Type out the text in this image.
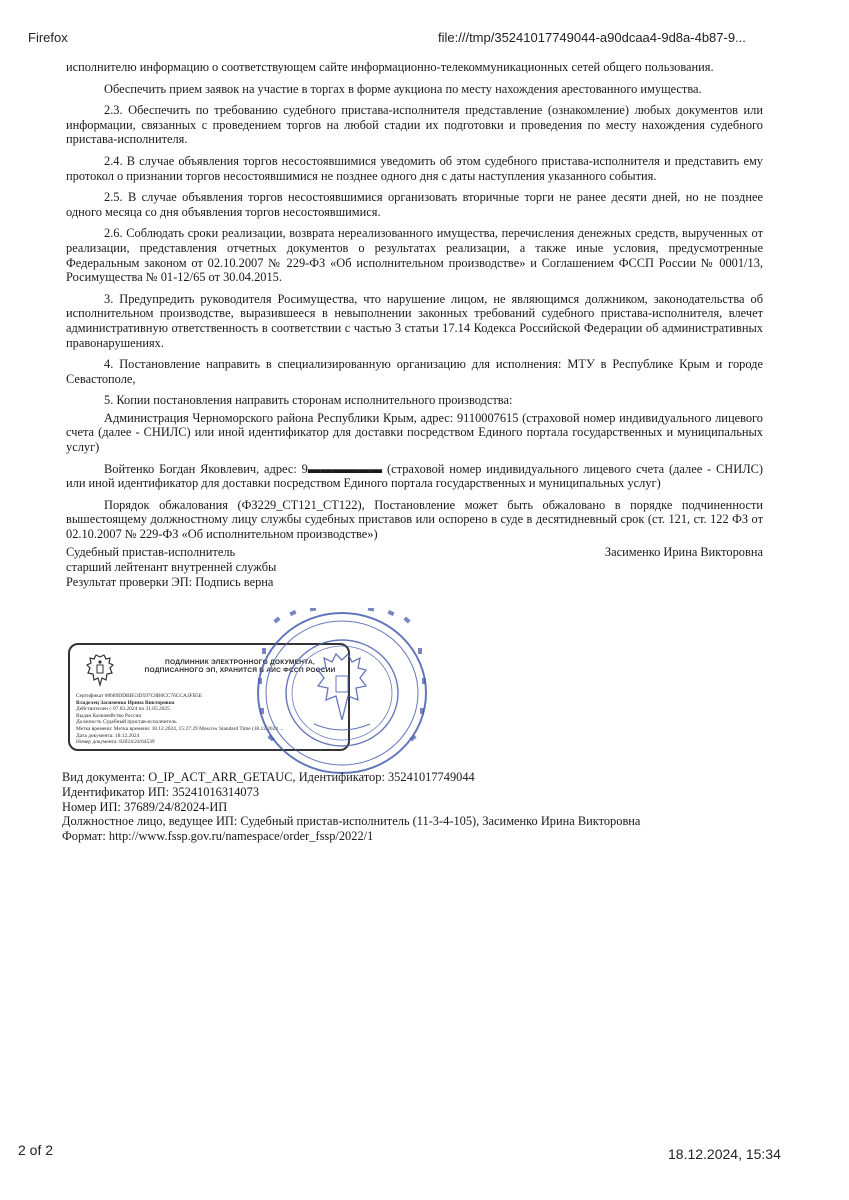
Firefox	file:///tmp/35241017749044-a90dcaa4-9d8a-4b87-9...

исполнителю информацию о соответствующем сайте информационно-телекоммуникационных сетей общего пользования.

Обеспечить прием заявок на участие в торгах в форме аукциона по месту нахождения арестованного имущества.

2.3. Обеспечить по требованию судебного пристава-исполнителя представление (ознакомление) любых документов или информации, связанных с проведением торгов на любой стадии их подготовки и проведения по месту нахождения судебного пристава-исполнителя.

2.4. В случае объявления торгов несостоявшимися уведомить об этом судебного пристава-исполнителя и представить ему протокол о признании торгов несостоявшимися не позднее одного дня с даты наступления указанного события.

2.5. В случае объявления торгов несостоявшимися организовать вторичные торги не ранее десяти дней, но не позднее одного месяца со дня объявления торгов несостоявшимися.

2.6. Соблюдать сроки реализации, возврата нереализованного имущества, перечисления денежных средств, вырученных от реализации, представления отчетных документов о результатах реализации, а также иные условия, предусмотренные Федеральным законом от 02.10.2007 № 229-ФЗ «Об исполнительном производстве» и Соглашением ФССП России № 0001/13, Росимущества № 01-12/65 от 30.04.2015.

3. Предупредить руководителя Росимущества, что нарушение лицом, не являющимся должником, законодательства об исполнительном производстве, выразившееся в невыполнении законных требований судебного пристава-исполнителя, влечет административную ответственность в соответствии с частью 3 статьи 17.14 Кодекса Российской Федерации об административных правонарушениях.

4. Постановление направить в специализированную организацию для исполнения: МТУ в Республике Крым и городе Севастополе,

5. Копии постановления направить сторонам исполнительного производства:

Администрация Черноморского района Республики Крым, адрес: 9110007615 (страховой номер индивидуального лицевого счета (далее - СНИЛС) или иной идентификатор для доставки посредством Единого портала государственных и муниципальных услуг)

Войтенко Богдан Яковлевич, адрес: 9▬▬▬▬▬▬ (страховой номер индивидуального лицевого счета (далее - СНИЛС) или иной идентификатор для доставки посредством Единого портала государственных и муниципальных услуг)

Порядок обжалования (ФЗ229_СТ121_СТ122), Постановление может быть обжаловано в порядке подчиненности вышестоящему должностному лицу службы судебных приставов или оспорено в суде в десятидневный срок (ст. 121, ст. 122 ФЗ от 02.10.2007 № 229-ФЗ «Об исполнительном производстве»)

Судебный пристав-исполнитель	Засименко Ирина Викторовна
старший лейтенант внутренней службы
Результат проверки ЭП: Подпись верна
ПОДЛИННИК ЭЛЕКТРОННОГО ДОКУМЕНТА, ПОДПИСАННОГО ЭП, ХРАНИТСЯ В АИС ФССП РОССИИ
Сертификат 00689DDBB53D597C8B0CC76CCA3FB5E
Владелец Засименко Ирина Викторовна
Действителен с 07.03.2024 по 31.05.2025
Выдан Казначейство России
Должность Судебный пристав-исполнитель
Метка времени: Метка времени: 18.12.2024, 15:27:29 Moscow Standard Time (18.12.2024 ...
Дата документа: 18.12.2024
Номер документа: 82024/24/64539
Вид документа: O_IP_ACT_ARR_GETAUC, Идентификатор: 35241017749044
Идентификатор ИП: 35241016314073
Номер ИП: 37689/24/82024-ИП
Должностное лицо, ведущее ИП: Судебный пристав-исполнитель (11-3-4-105), Засименко Ирина Викторовна
Формат: http://www.fssp.gov.ru/namespace/order_fssp/2022/1
2 of 2	18.12.2024, 15:34
